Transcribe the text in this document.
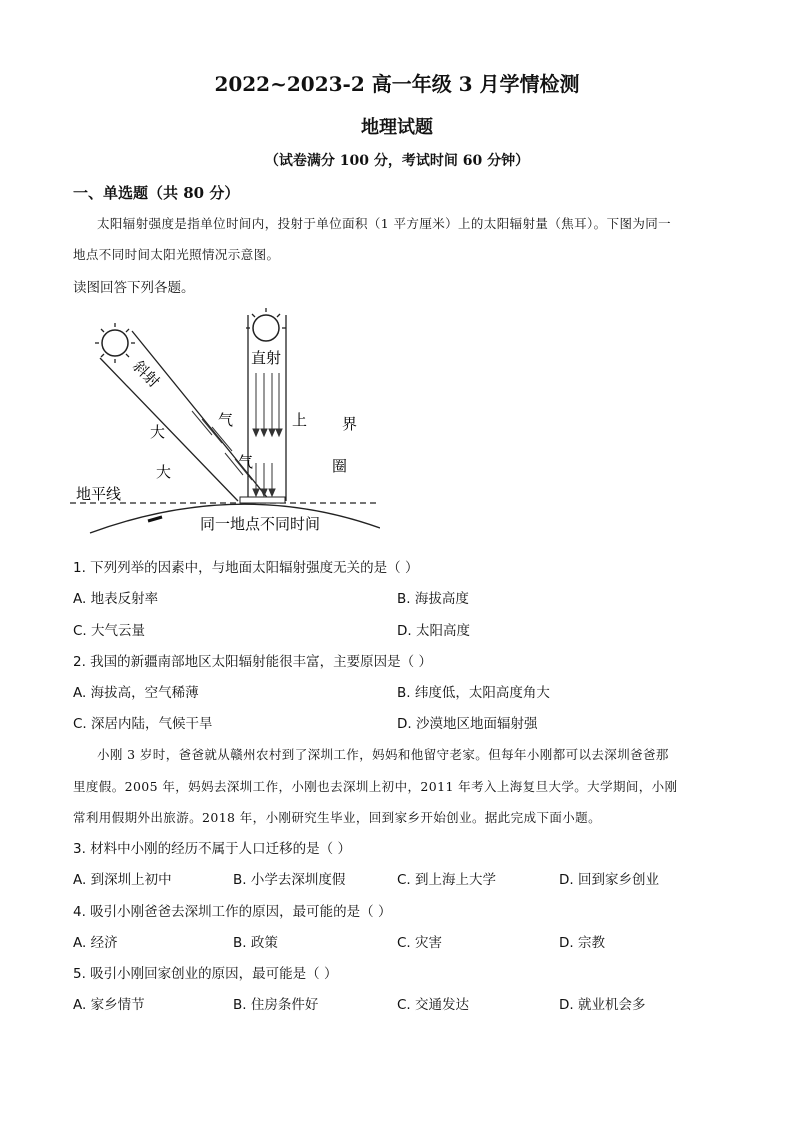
2022~2023-2 高一年级 3 月学情检测
地理试题
（试卷满分 100 分，考试时间 60 分钟）
一、单选题（共 80 分）
太阳辐射强度是指单位时间内，投射于单位面积（1 平方厘米）上的太阳辐射量（焦耳）。下图为同一
地点不同时间太阳光照情况示意图。
读图回答下列各题。
斜射	直射
大
气	上 界
大
气	圈
地平线
同一地点不同时间
1. 下列列举的因素中，与地面太阳辐射强度无关的是（ ）
A. 地表反射率	B. 海拔高度
C. 大气云量	D. 太阳高度
2. 我国的新疆南部地区太阳辐射能很丰富，主要原因是（ ）
A. 海拔高，空气稀薄	B. 纬度低，太阳高度角大
C. 深居内陆，气候干旱	D. 沙漠地区地面辐射强
小刚 3 岁时，爸爸就从赣州农村到了深圳工作，妈妈和他留守老家。但每年小刚都可以去深圳爸爸那
里度假。2005 年，妈妈去深圳工作，小刚也去深圳上初中，2011 年考入上海复旦大学。大学期间，小刚
常利用假期外出旅游。2018 年，小刚研究生毕业，回到家乡开始创业。据此完成下面小题。
3. 材料中小刚的经历不属于人口迁移的是（ ）
A. 到深圳上初中	B. 小学去深圳度假	C. 到上海上大学	D. 回到家乡创业
4. 吸引小刚爸爸去深圳工作的原因，最可能的是（ ）
A. 经济	B. 政策	C. 灾害	D. 宗教
5. 吸引小刚回家创业的原因，最可能是（ ）
A. 家乡情节	B. 住房条件好	C. 交通发达	D. 就业机会多
